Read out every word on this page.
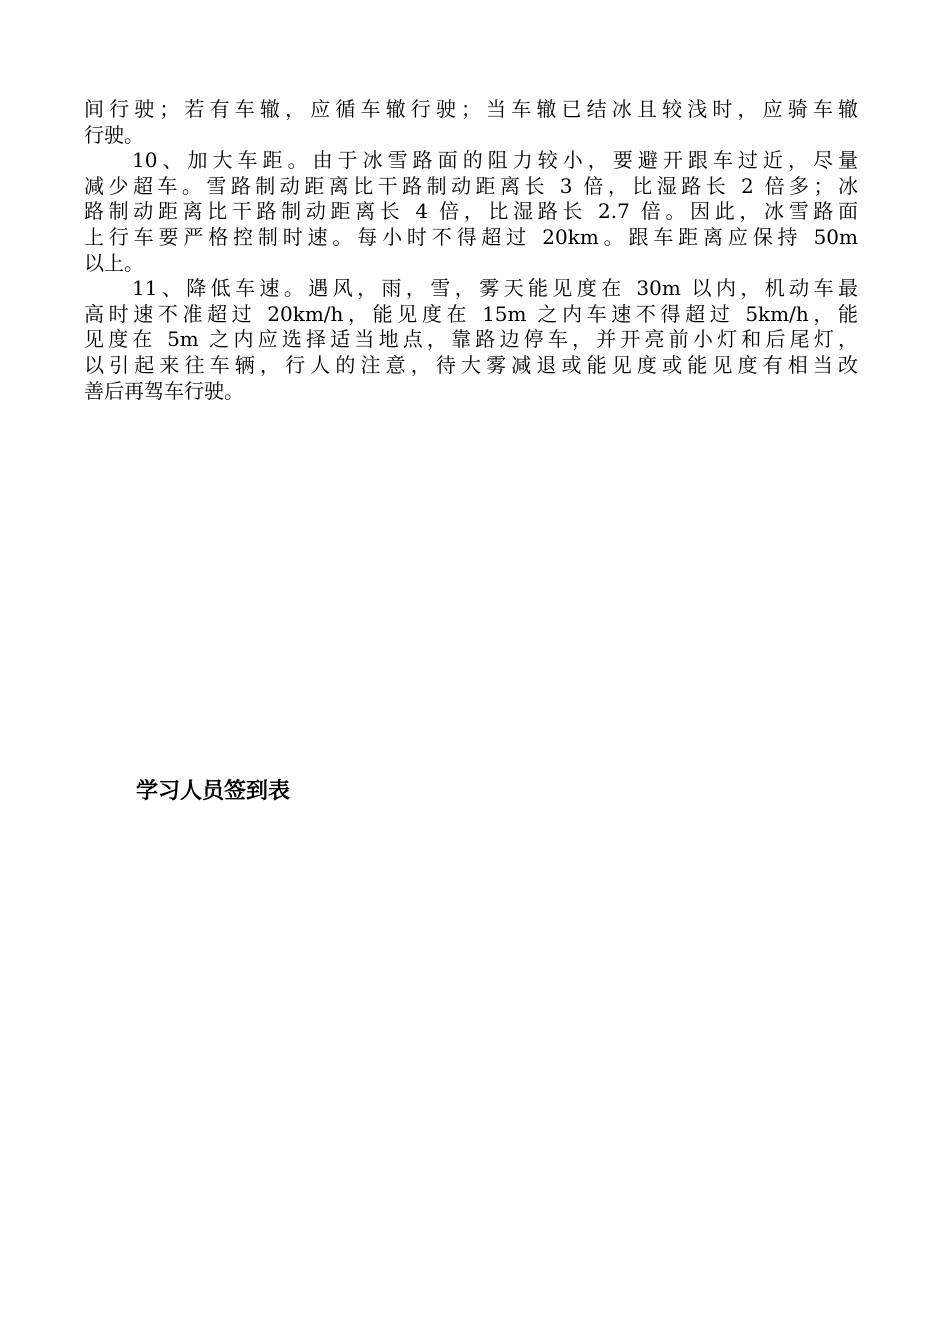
间行驶；若有车辙，应循车辙行驶；当车辙已结冰且较浅时，应骑车辙
行驶。
10、加大车距。由于冰雪路面的阻力较小，要避开跟车过近，尽量
减少超车。雪路制动距离比干路制动距离长 3 倍，比湿路长 2 倍多；冰
路制动距离比干路制动距离长 4 倍，比湿路长 2.7 倍。因此，冰雪路面
上行车要严格控制时速。每小时不得超过 20km。跟车距离应保持 50m
以上。
11、降低车速。遇风，雨，雪，雾天能见度在 30m 以内，机动车最
高时速不准超过 20km/h，能见度在 15m 之内车速不得超过 5km/h，能
见度在 5m 之内应选择适当地点，靠路边停车，并开亮前小灯和后尾灯，
以引起来往车辆，行人的注意，待大雾减退或能见度或能见度有相当改
善后再驾车行驶。
学习人员签到表
